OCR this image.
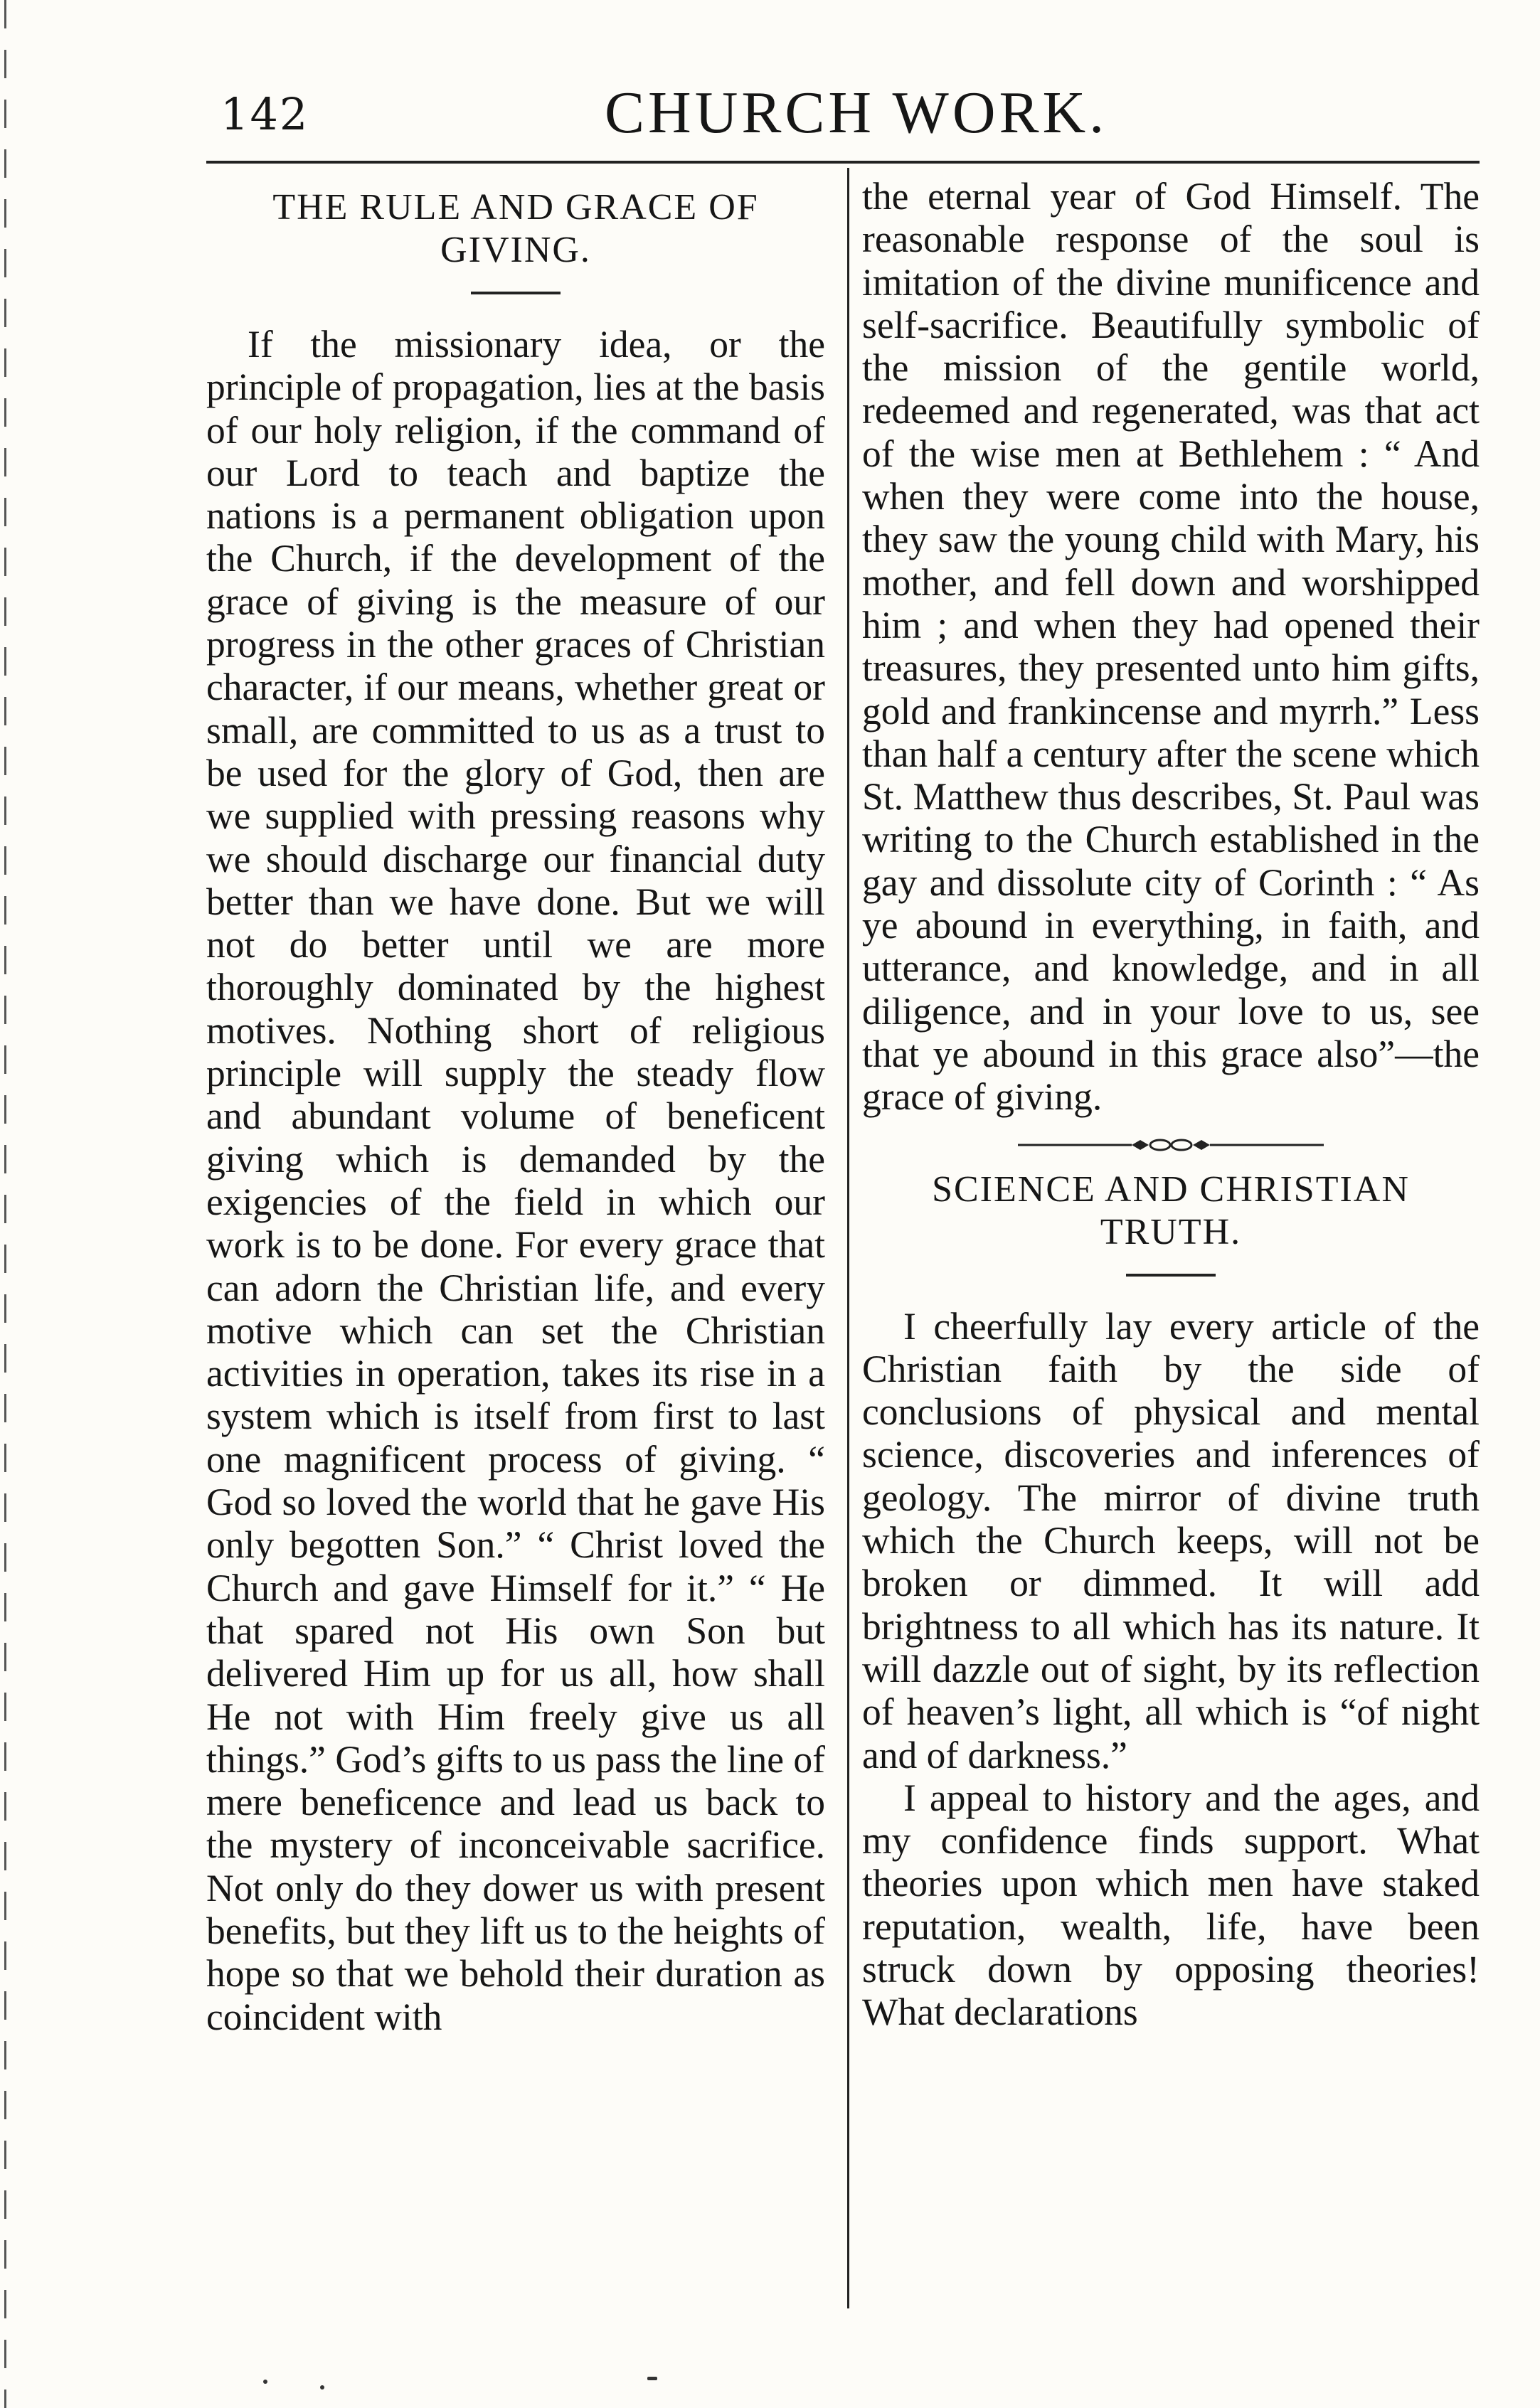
142	CHURCH WORK.
THE RULE AND GRACE OF
GIVING.

If the missionary idea, or the principle of propagation, lies at the basis of our holy religion, if the command of our Lord to teach and baptize the nations is a permanent obligation upon the Church, if the development of the grace of giving is the measure of our progress in the other graces of Christian character, if our means, whether great or small, are committed to us as a trust to be used for the glory of God, then are we supplied with pressing reasons why we should discharge our financial duty better than we have done. But we will not do better until we are more thoroughly dominated by the highest motives. Nothing short of religious principle will supply the steady flow and abundant volume of beneficent giving which is demanded by the exigencies of the field in which our work is to be done. For every grace that can adorn the Christian life, and every motive which can set the Christian activities in operation, takes its rise in a system which is itself from first to last one magnificent process of giving. “ God so loved the world that he gave His only begotten Son.” “ Christ loved the Church and gave Himself for it.” “ He that spared not His own Son but delivered Him up for us all, how shall He not with Him freely give us all things.” God’s gifts to us pass the line of mere beneficence and lead us back to the mystery of inconceivable sacrifice. Not only do they dower us with present benefits, but they lift us to the heights of hope so that we behold their duration as coincident with

the eternal year of God Himself. The reasonable response of the soul is imitation of the divine munificence and self-sacrifice. Beautifully symbolic of the mission of the gentile world, redeemed and regenerated, was that act of the wise men at Bethlehem : “ And when they were come into the house, they saw the young child with Mary, his mother, and fell down and worshipped him ; and when they had opened their treasures, they presented unto him gifts, gold and frankincense and myrrh.” Less than half a century after the scene which St. Matthew thus describes, St. Paul was writing to the Church established in the gay and dissolute city of Corinth : “ As ye abound in everything, in faith, and utterance, and knowledge, and in all diligence, and in your love to us, see that ye abound in this grace also”—the grace of giving.

SCIENCE AND CHRISTIAN
TRUTH.

I cheerfully lay every article of the Christian faith by the side of conclusions of physical and mental science, discoveries and inferences of geology. The mirror of divine truth which the Church keeps, will not be broken or dimmed. It will add brightness to all which has its nature. It will dazzle out of sight, by its reflection of heaven’s light, all which is “of night and of darkness.”

I appeal to history and the ages, and my confidence finds support. What theories upon which men have staked reputation, wealth, life, have been struck down by opposing theories! What declarations
